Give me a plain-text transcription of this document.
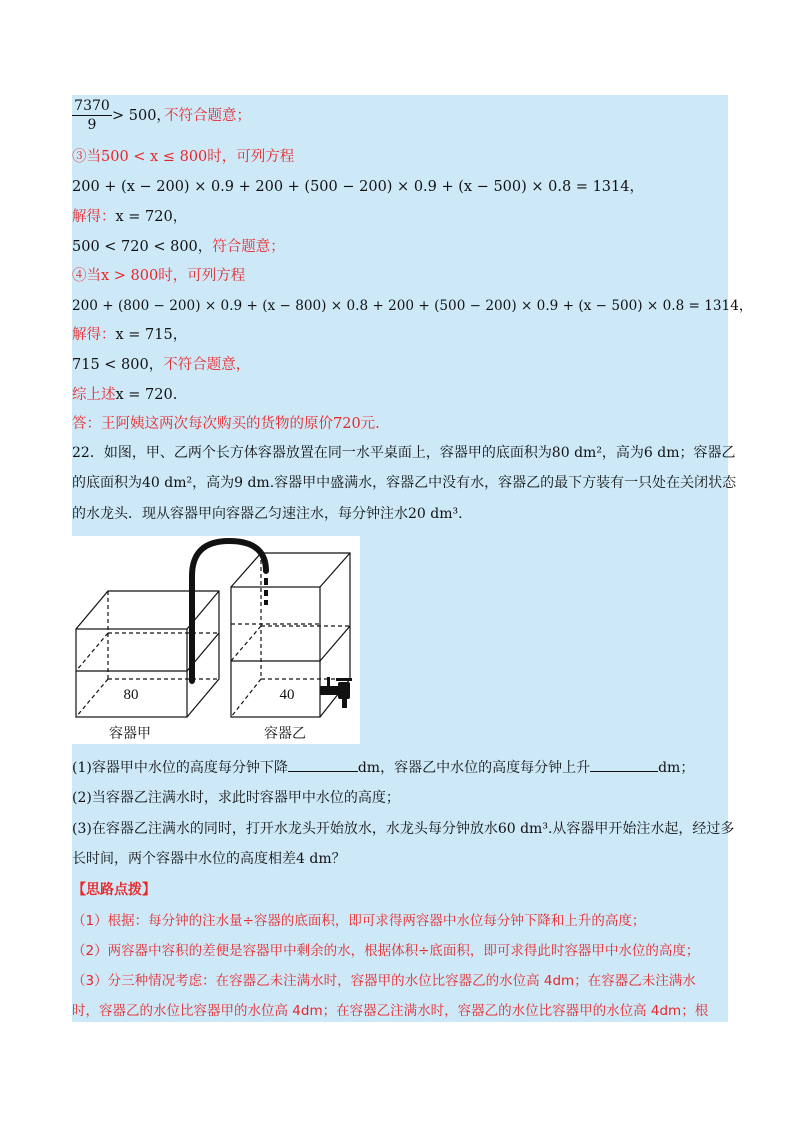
$\frac{7370}{9} > 500$，
不符合题意；
③当500 < x ≤ 800时，可列方程
200 + (x − 200) × 0.9 + 200 + (500 − 200) × 0.9 + (x − 500) × 0.8 = 1314，
解得：x = 720，
500 < 720 < 800，符合题意；
④当x > 800时，可列方程
200 + (800 − 200) × 0.9 + (x − 800) × 0.8 + 200 + (500 − 200) × 0.9 + (x − 500) × 0.8 = 1314，
解得：x = 715，
715 < 800，不符合题意，
综上述x = 720.
答：王阿姨这两次每次购买的货物的原价720元.
22．如图，甲、乙两个长方体容器放置在同一水平桌面上，容器甲的底面积为80 dm²，高为6 dm；容器乙
的底面积为40 dm²，高为9 dm.容器甲中盛满水，容器乙中没有水，容器乙的最下方装有一只处在关闭状态
的水龙头．现从容器甲向容器乙匀速注水，每分钟注水20 dm³.
80	40
容器甲	容器乙
(1)容器甲中水位的高度每分钟下降	dm，容器乙中水位的高度每分钟上升	dm；
(2)当容器乙注满水时，求此时容器甲中水位的高度；
(3)在容器乙注满水的同时，打开水龙头开始放水，水龙头每分钟放水60 dm³.从容器甲开始注水起，经过多
长时间，两个容器中水位的高度相差4 dm？
【思路点拨】
（1）根据：每分钟的注水量÷容器的底面积，即可求得两容器中水位每分钟下降和上升的高度；
（2）两容器中容积的差便是容器甲中剩余的水，根据体积÷底面积，即可求得此时容器甲中水位的高度；
（3）分三种情况考虑：在容器乙未注满水时，容器甲的水位比容器乙的水位高 4dm；在容器乙未注满水
时，容器乙的水位比容器甲的水位高 4dm；在容器乙注满水时，容器乙的水位比容器甲的水位高 4dm；根
